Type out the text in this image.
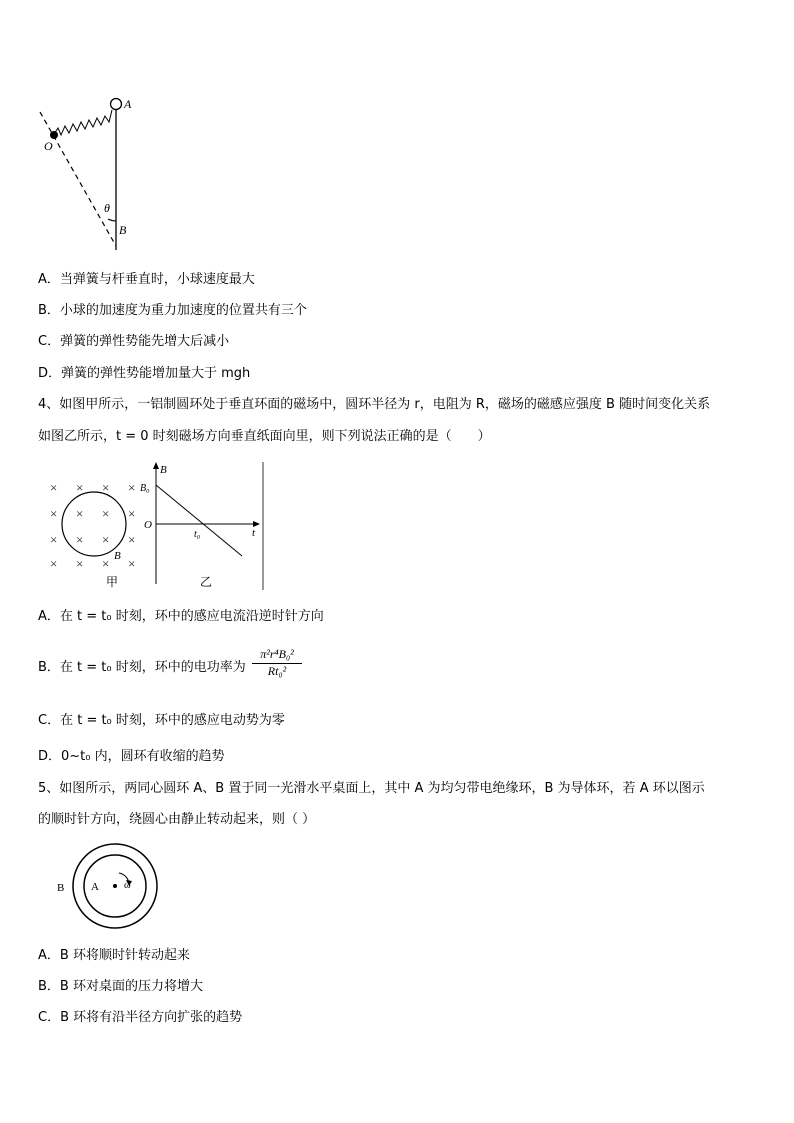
A
O
θ
B
A．当弹簧与杆垂直时，小球速度最大
B．小球的加速度为重力加速度的位置共有三个
C．弹簧的弹性势能先增大后减小
D．弹簧的弹性势能增加量大于 mgh
4、如图甲所示，一铝制圆环处于垂直环面的磁场中，圆环半径为 r，电阻为 R，磁场的磁感应强度 B 随时间变化关系
如图乙所示，t = 0 时刻磁场方向垂直纸面向里，则下列说法正确的是（　　）
× × × ×
× × × ×
× × × ×
× × × ×
B
甲
B
t
O
B₀
t₀
乙
A．在 t = t₀ 时刻，环中的感应电流沿逆时针方向
B．在 t = t₀ 时刻，环中的电功率为 $\frac{\text{π²r⁴B₀²}}{\text{Rt₀²}}$
C．在 t = t₀ 时刻，环中的感应电动势为零
D．0~t₀ 内，圆环有收缩的趋势
5、如图所示，两同心圆环 A、B 置于同一光滑水平桌面上，其中 A 为均匀带电绝缘环，B 为导体环，若 A 环以图示
的顺时针方向，绕圆心由静止转动起来，则（ ）
B A	ω
A．B 环将顺时针转动起来
B．B 环对桌面的压力将增大
C．B 环将有沿半径方向扩张的趋势
